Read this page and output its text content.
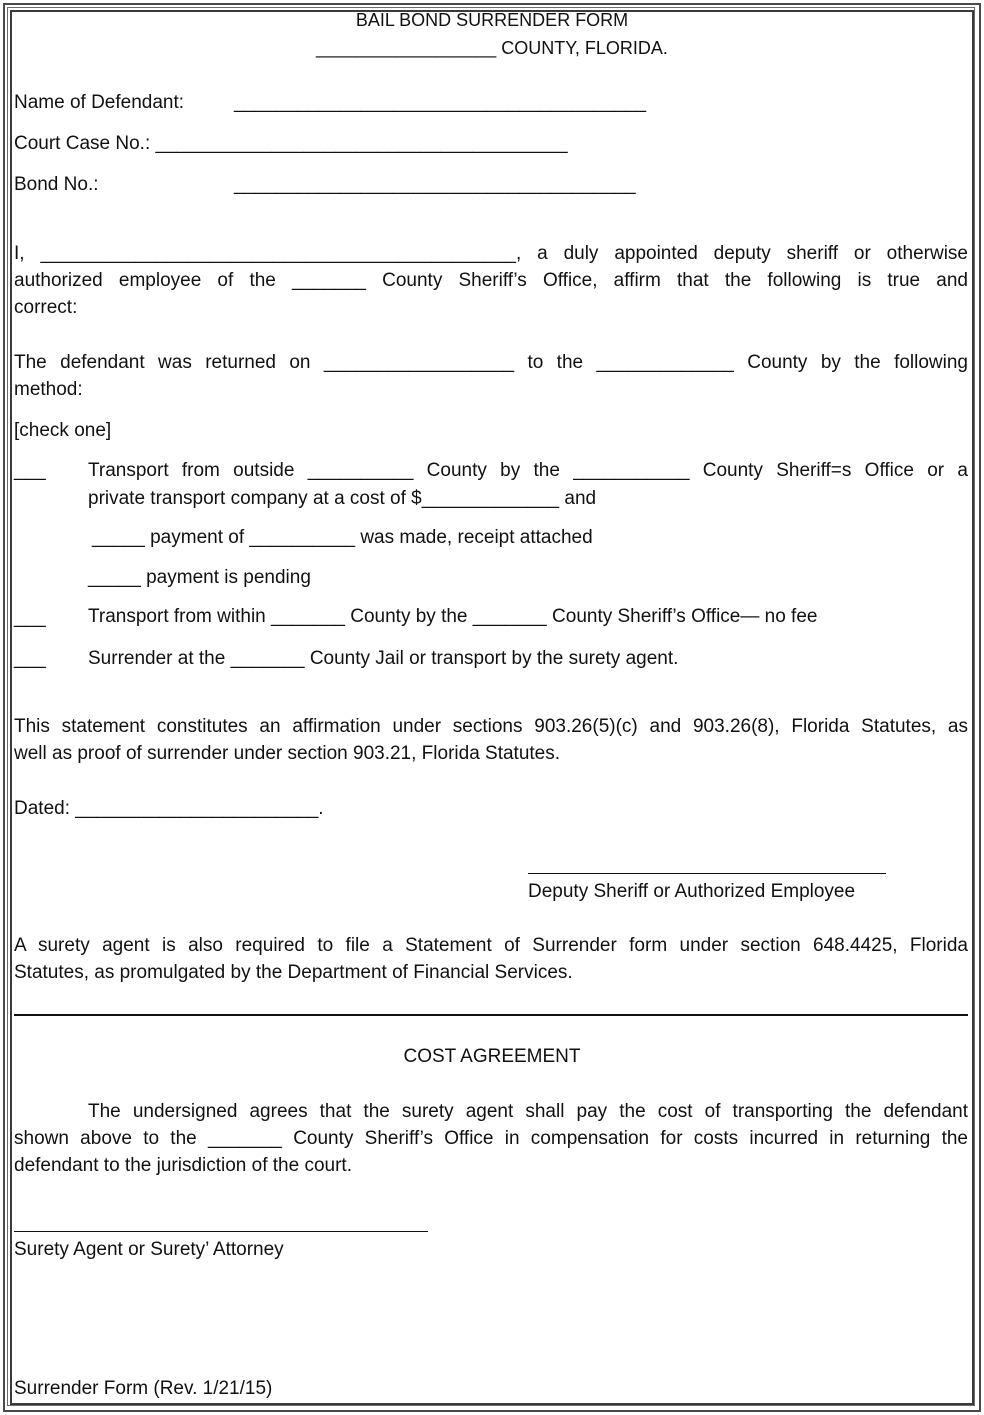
BAIL BOND SURRENDER FORM
__________________ COUNTY, FLORIDA.
Name of Defendant:	_______________________________________
Court Case No.: _______________________________________
Bond No.:	______________________________________
I, _____________________________________________, a duly appointed deputy sheriff or otherwise
authorized employee of the _______ County Sheriff’s Office, affirm that the following is true and
correct:
The defendant was returned on __________________ to the _____________ County by the following
method:
[check one]
___ Transport from outside __________ County by the ___________ County Sheriff=s Office or a
private transport company at a cost of $_____________ and
_____ payment of __________ was made, receipt attached
_____ payment is pending
___ Transport from within _______ County by the _______ County Sheriff’s Office— no fee
___ Surrender at the _______ County Jail or transport by the surety agent.
This statement constitutes an affirmation under sections 903.26(5)(c) and 903.26(8), Florida Statutes, as
well as proof of surrender under section 903.21, Florida Statutes.
Dated: _______________________.
Deputy Sheriff or Authorized Employee
A surety agent is also required to file a Statement of Surrender form under section 648.4425, Florida
Statutes, as promulgated by the Department of Financial Services.
COST AGREEMENT
The undersigned agrees that the surety agent shall pay the cost of transporting the defendant
shown above to the _______ County Sheriff’s Office in compensation for costs incurred in returning the
defendant to the jurisdiction of the court.
Surety Agent or Surety’ Attorney
Surrender Form (Rev. 1/21/15)
